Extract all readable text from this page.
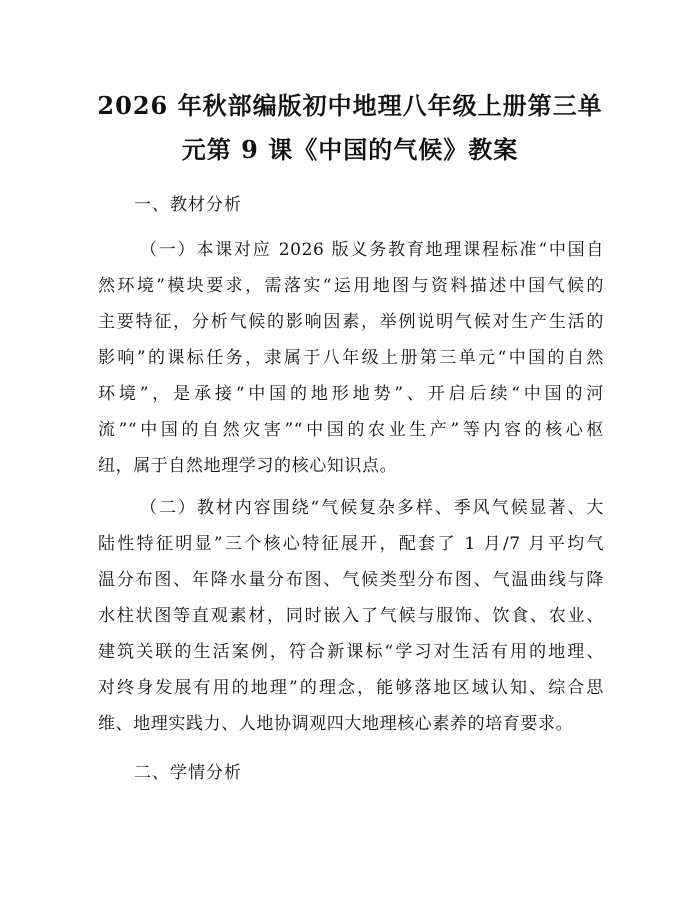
2026 年秋部编版初中地理八年级上册第三单
元第 9 课《中国的气候》教案
一、教材分析
（一）本课对应 2026 版义务教育地理课程标准“中国自
然环境”模块要求，需落实“运用地图与资料描述中国气候的
主要特征，分析气候的影响因素，举例说明气候对生产生活的
影响”的课标任务，隶属于八年级上册第三单元“中国的自然
环境”，是承接“中国的地形地势”、开启后续“中国的河
流”“中国的自然灾害”“中国的农业生产”等内容的核心枢
纽，属于自然地理学习的核心知识点。
（二）教材内容围绕“气候复杂多样、季风气候显著、大
陆性特征明显”三个核心特征展开，配套了 1 月/7 月平均气
温分布图、年降水量分布图、气候类型分布图、气温曲线与降
水柱状图等直观素材，同时嵌入了气候与服饰、饮食、农业、
建筑关联的生活案例，符合新课标“学习对生活有用的地理、
对终身发展有用的地理”的理念，能够落地区域认知、综合思
维、地理实践力、人地协调观四大地理核心素养的培育要求。
二、学情分析
